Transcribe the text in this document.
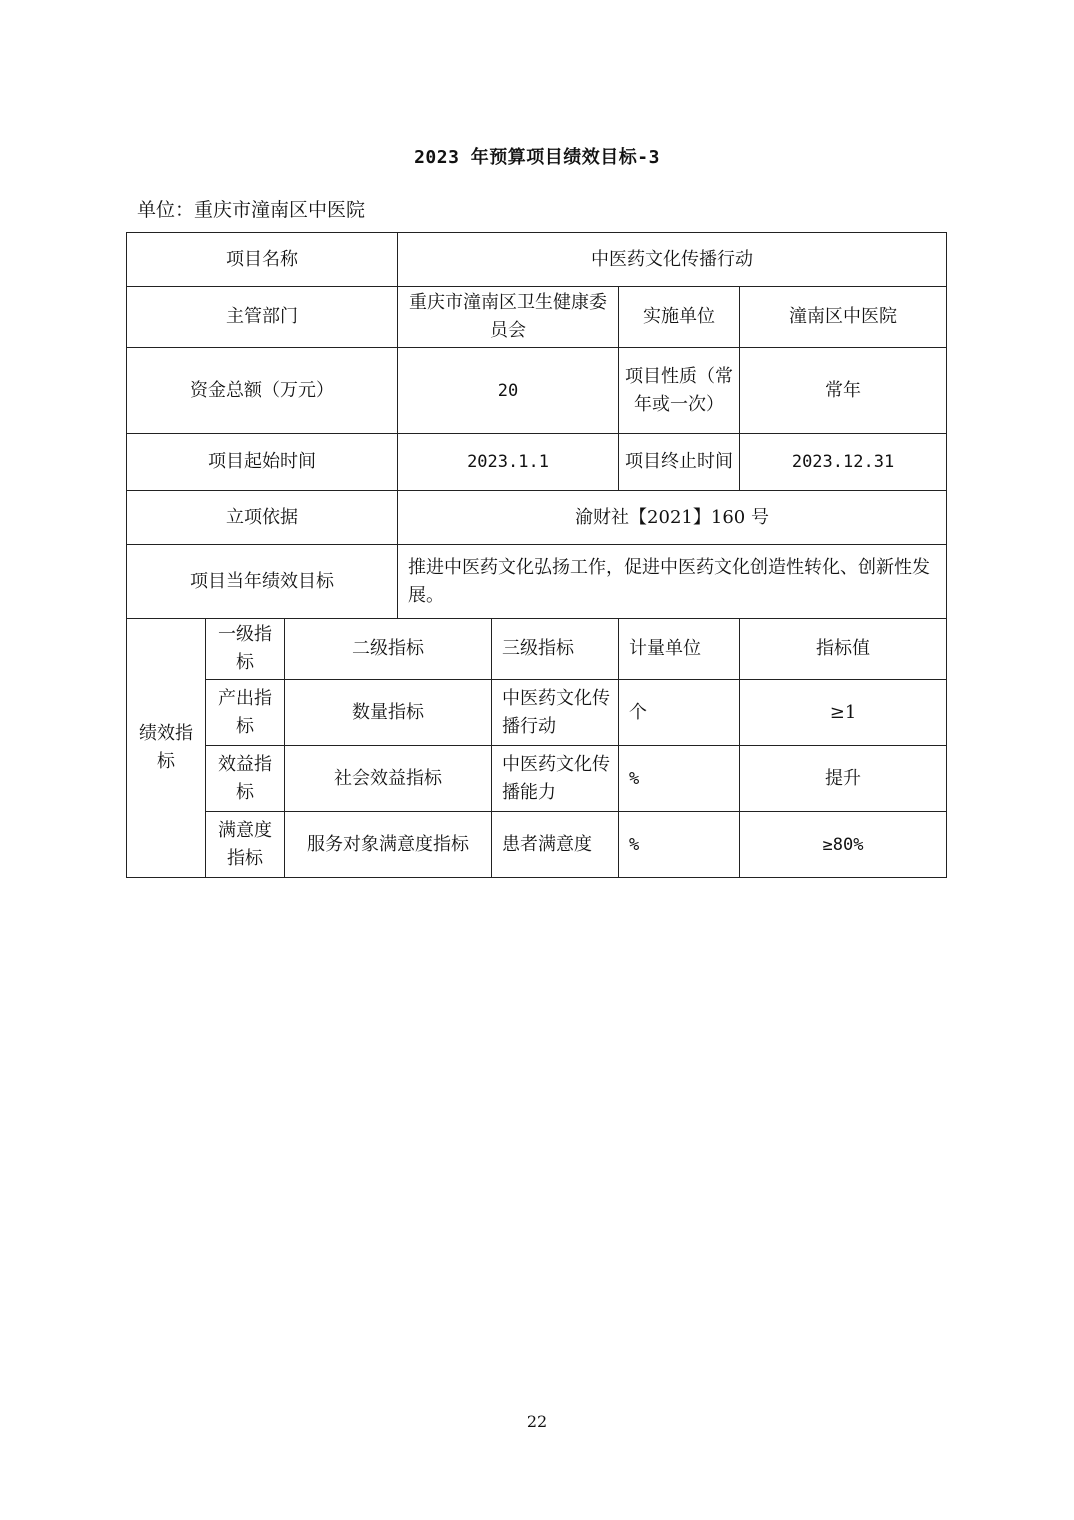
2023 年预算项目绩效目标-3
单位：重庆市潼南区中医院
项目名称			中医药文化传播行动			
主管部门			重庆市潼南区卫生健康委员会		实施单位	潼南区中医院
资金总额（万元）			20		项目性质（常年或一次）	常年
项目起始时间			2023.1.1		项目终止时间	2023.12.31
立项依据			渝财社【2021】160 号			
项目当年绩效目标			推进中医药文化弘扬工作，促进中医药文化创造性转化、创新性发展。			
绩效指标	一级指标	二级指标		三级指标	计量单位	指标值
	产出指标	数量指标		中医药文化传播行动	个	≥1
	效益指标	社会效益指标		中医药文化传播能力	%	提升
	满意度指标	服务对象满意度指标		患者满意度	%	≥80%
22
